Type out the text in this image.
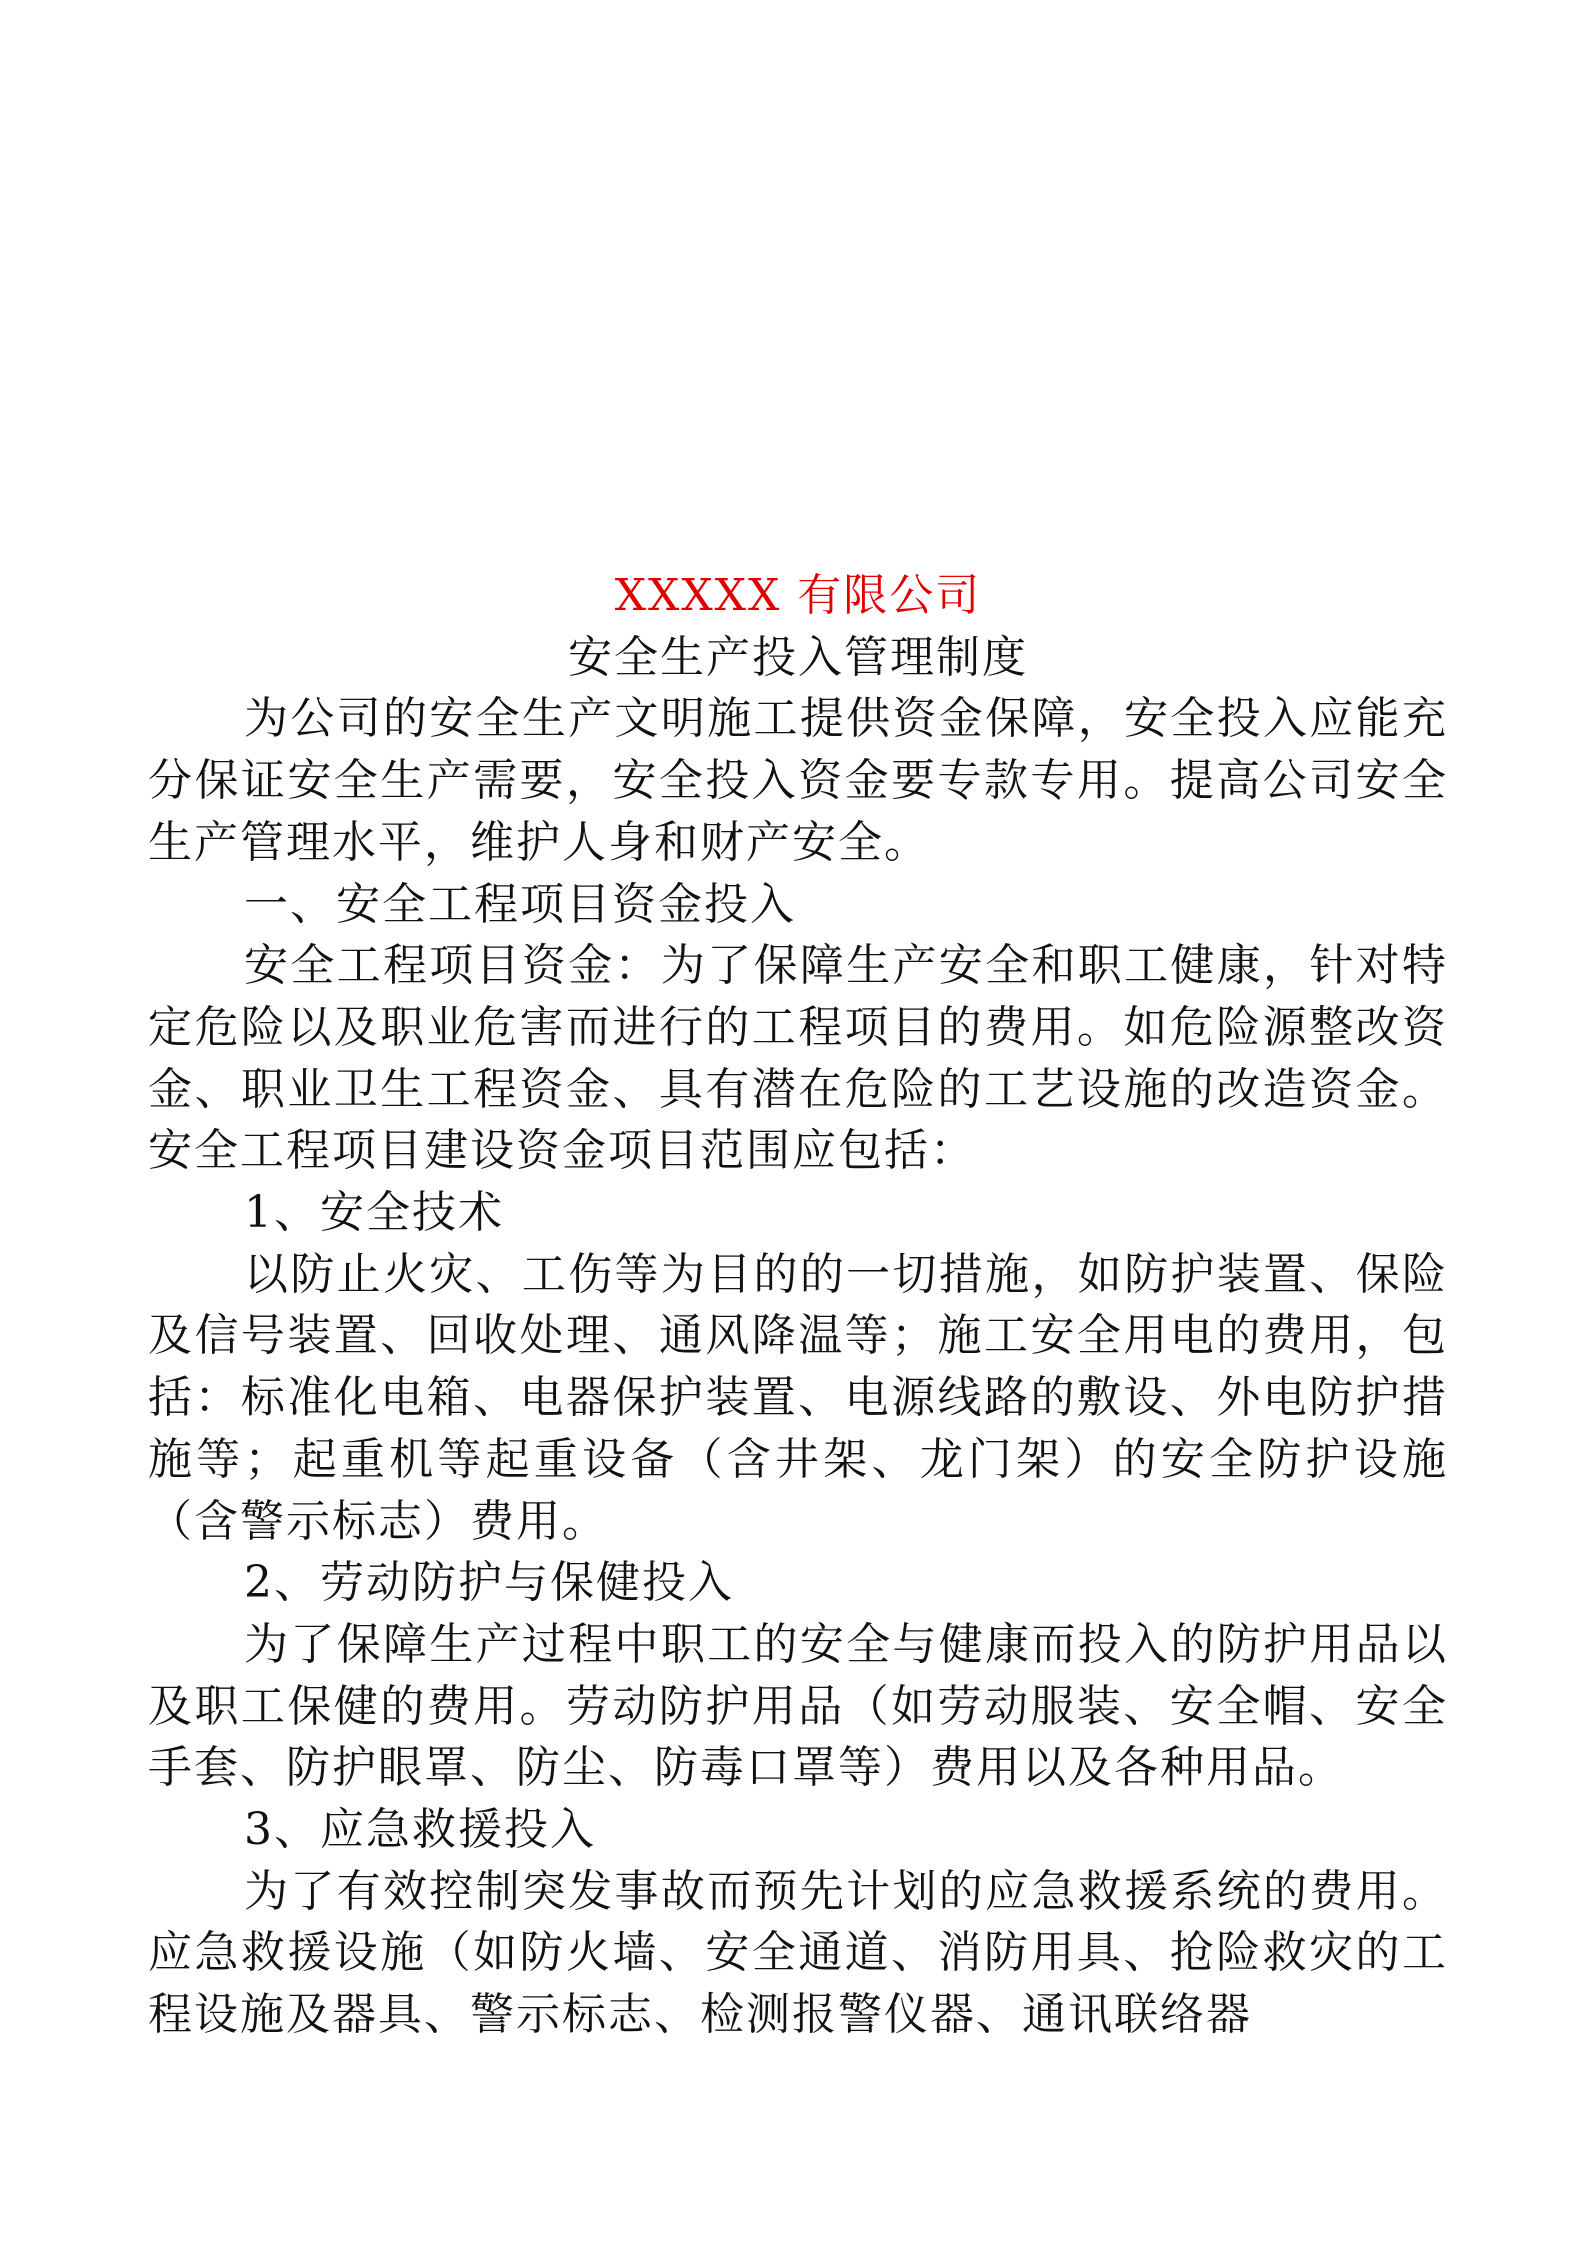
XXXXX 有限公司
安全生产投入管理制度

为公司的安全生产文明施工提供资金保障，安全投入应能充分保证安全生产需要，安全投入资金要专款专用。提高公司安全生产管理水平，维护人身和财产安全。

一、安全工程项目资金投入

安全工程项目资金：为了保障生产安全和职工健康，针对特定危险以及职业危害而进行的工程项目的费用。如危险源整改资金、职业卫生工程资金、具有潜在危险的工艺设施的改造资金。安全工程项目建设资金项目范围应包括：

1、安全技术

以防止火灾、工伤等为目的的一切措施，如防护装置、保险及信号装置、回收处理、通风降温等；施工安全用电的费用，包括：标准化电箱、电器保护装置、电源线路的敷设、外电防护措施等；起重机等起重设备（含井架、龙门架）的安全防护设施（含警示标志）费用。

2、劳动防护与保健投入

为了保障生产过程中职工的安全与健康而投入的防护用品以及职工保健的费用。劳动防护用品（如劳动服装、安全帽、安全手套、防护眼罩、防尘、防毒口罩等）费用以及各种用品。

3、应急救援投入

为了有效控制突发事故而预先计划的应急救援系统的费用。应急救援设施（如防火墙、安全通道、消防用具、抢险救灾的工程设施及器具、警示标志、检测报警仪器、通讯联络器
